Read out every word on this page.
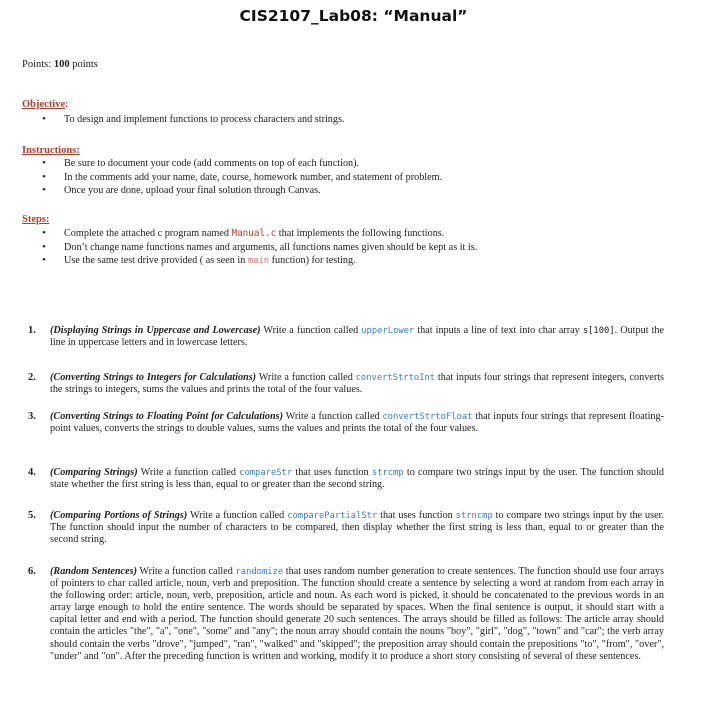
CIS2107_Lab08: “Manual”
Points: 100 points
Objective:
• To design and implement functions to process characters and strings.
Instructions:
• Be sure to document your code (add comments on top of each function).
• In the comments add your name, date, course, homework number, and statement of problem.
• Once you are done, upload your final solution through Canvas.
Steps:
• Complete the attached c program named Manual.c that implements the following functions.
• Don’t change name functions names and arguments, all functions names given should be kept as it is.
• Use the same test drive provided ( as seen in main function) for testing.
1. (Displaying Strings in Uppercase and Lowercase) Write a function called upperLower that inputs a line of text into char array s[100]. Output the line in uppercase letters and in lowercase letters.
2. (Converting Strings to Integers for Calculations) Write a function called convertStrtoInt that inputs four strings that represent integers, converts the strings to integers, sums the values and prints the total of the four values.
3. (Converting Strings to Floating Point for Calculations) Write a function called convertStrtoFloat that inputs four strings that represent floating-point values, converts the strings to double values, sums the values and prints the total of the four values.
4. (Comparing Strings) Write a function called compareStr that uses function strcmp to compare two strings input by the user. The function should state whether the first string is less than, equal to or greater than the second string.
5. (Comparing Portions of Strings) Write a function called comparePartialStr that uses function strncmp to compare two strings input by the user. The function should input the number of characters to be compared, then display whether the first string is less than, equal to or greater than the second string.
6. (Random Sentences) Write a function called randomize that uses random number generation to create sentences. The function should use four arrays of pointers to char called article, noun, verb and preposition. The function should create a sentence by selecting a word at random from each array in the following order: article, noun, verb, preposition, article and noun. As each word is picked, it should be concatenated to the previous words in an array large enough to hold the entire sentence. The words should be separated by spaces. When the final sentence is output, it should start with a capital letter and end with a period. The function should generate 20 such sentences. The arrays should be filled as follows: The article array should contain the articles "the", "a", "one", "some" and "any"; the noun array should contain the nouns "boy", "girl", "dog", "town" and "car"; the verb array should contain the verbs "drove", "jumped", "ran", "walked" and "skipped"; the preposition array should contain the prepositions "to", "from", "over", "under" and "on". After the preceding function is written and working, modify it to produce a short story consisting of several of these sentences.
